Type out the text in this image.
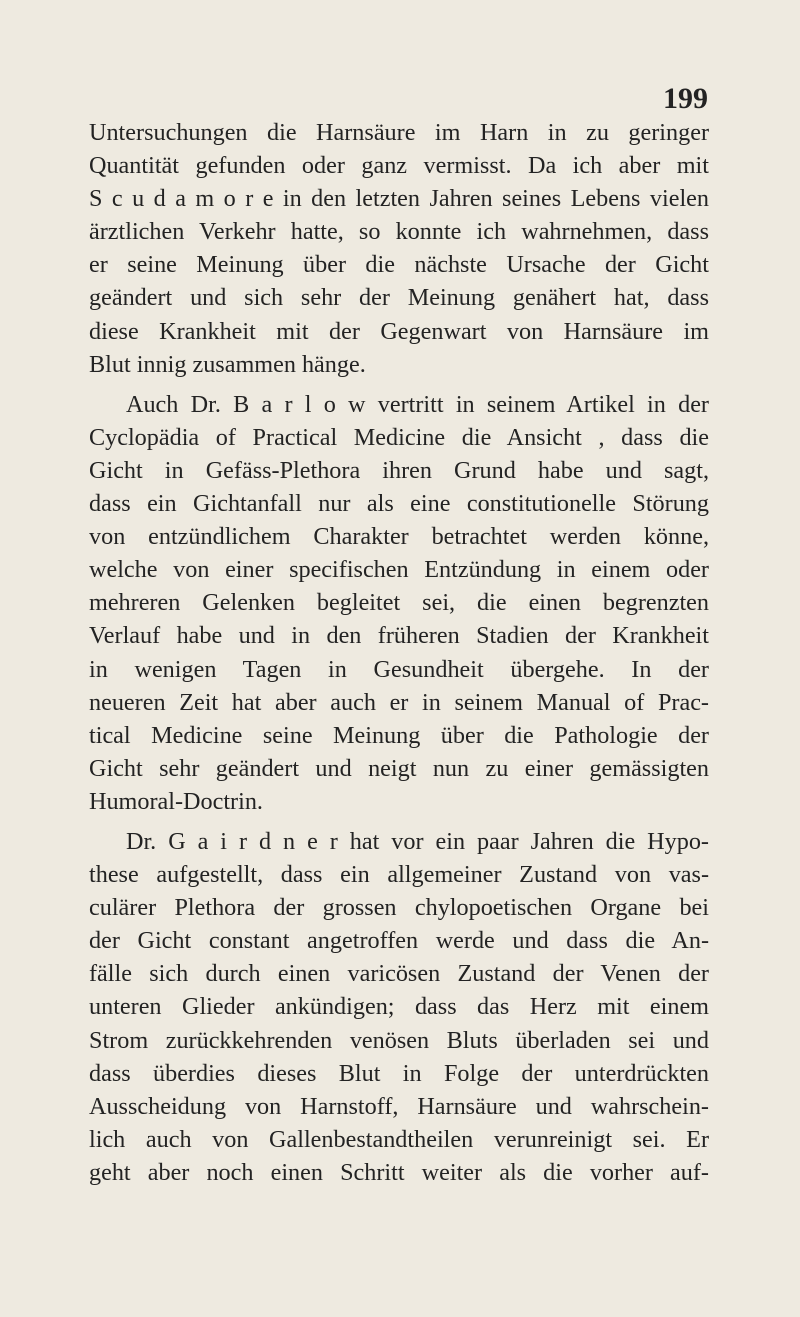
199
Untersuchungen die Harnsäure im Harn in zu geringer
Quantität gefunden oder ganz vermisst. Da ich aber mit
S c u d a m o r e in den letzten Jahren seines Lebens vielen
ärztlichen Verkehr hatte, so konnte ich wahrnehmen, dass
er seine Meinung über die nächste Ursache der Gicht
geändert und sich sehr der Meinung genähert hat, dass
diese Krankheit mit der Gegenwart von Harnsäure im
Blut innig zusammen hänge.
Auch Dr. B a r l o w vertritt in seinem Artikel in der
Cyclopädia of Practical Medicine die Ansicht , dass die
Gicht in Gefäss-Plethora ihren Grund habe und sagt,
dass ein Gichtanfall nur als eine constitutionelle Störung
von entzündlichem Charakter betrachtet werden könne,
welche von einer specifischen Entzündung in einem oder
mehreren Gelenken begleitet sei, die einen begrenzten
Verlauf habe und in den früheren Stadien der Krankheit
in wenigen Tagen in Gesundheit übergehe. In der
neueren Zeit hat aber auch er in seinem Manual of Prac-
tical Medicine seine Meinung über die Pathologie der
Gicht sehr geändert und neigt nun zu einer gemässigten
Humoral-Doctrin.
Dr. G a i r d n e r hat vor ein paar Jahren die Hypo-
these aufgestellt, dass ein allgemeiner Zustand von vas-
culärer Plethora der grossen chylopoetischen Organe bei
der Gicht constant angetroffen werde und dass die An-
fälle sich durch einen varicösen Zustand der Venen der
unteren Glieder ankündigen; dass das Herz mit einem
Strom zurückkehrenden venösen Bluts überladen sei und
dass überdies dieses Blut in Folge der unterdrückten
Ausscheidung von Harnstoff, Harnsäure und wahrschein-
lich auch von Gallenbestandtheilen verunreinigt sei. Er
geht aber noch einen Schritt weiter als die vorher auf-
